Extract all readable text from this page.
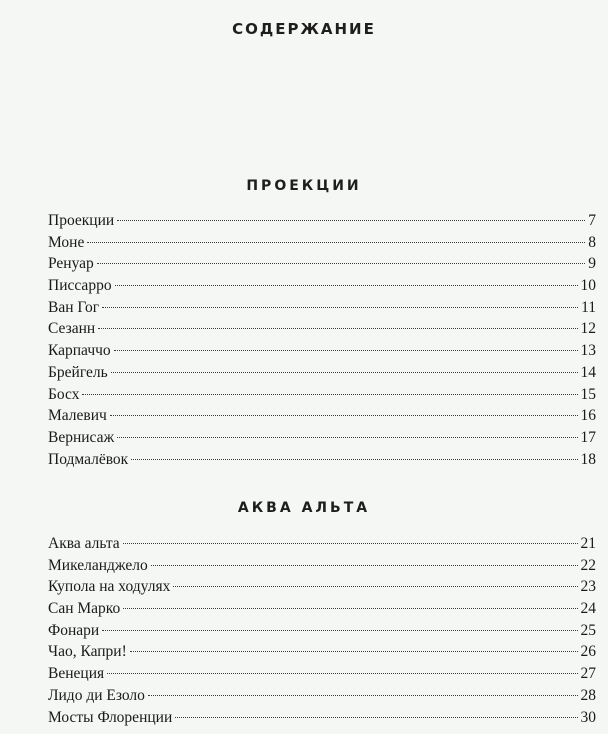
СОДЕРЖАНИЕ
ПРОЕКЦИИ
Проекции	7
Моне	8
Ренуар	9
Писсарро	10
Ван Гог	11
Сезанн	12
Карпаччо	13
Брейгель	14
Босх	15
Малевич	16
Вернисаж	17
Подмалёвок	18
АКВА АЛЬТА
Аква альта	21
Микеланджело	22
Купола на ходулях	23
Сан Марко	24
Фонари	25
Чао, Капри!	26
Венеция	27
Лидо ди Езоло	28
Мосты Флоренции	30
